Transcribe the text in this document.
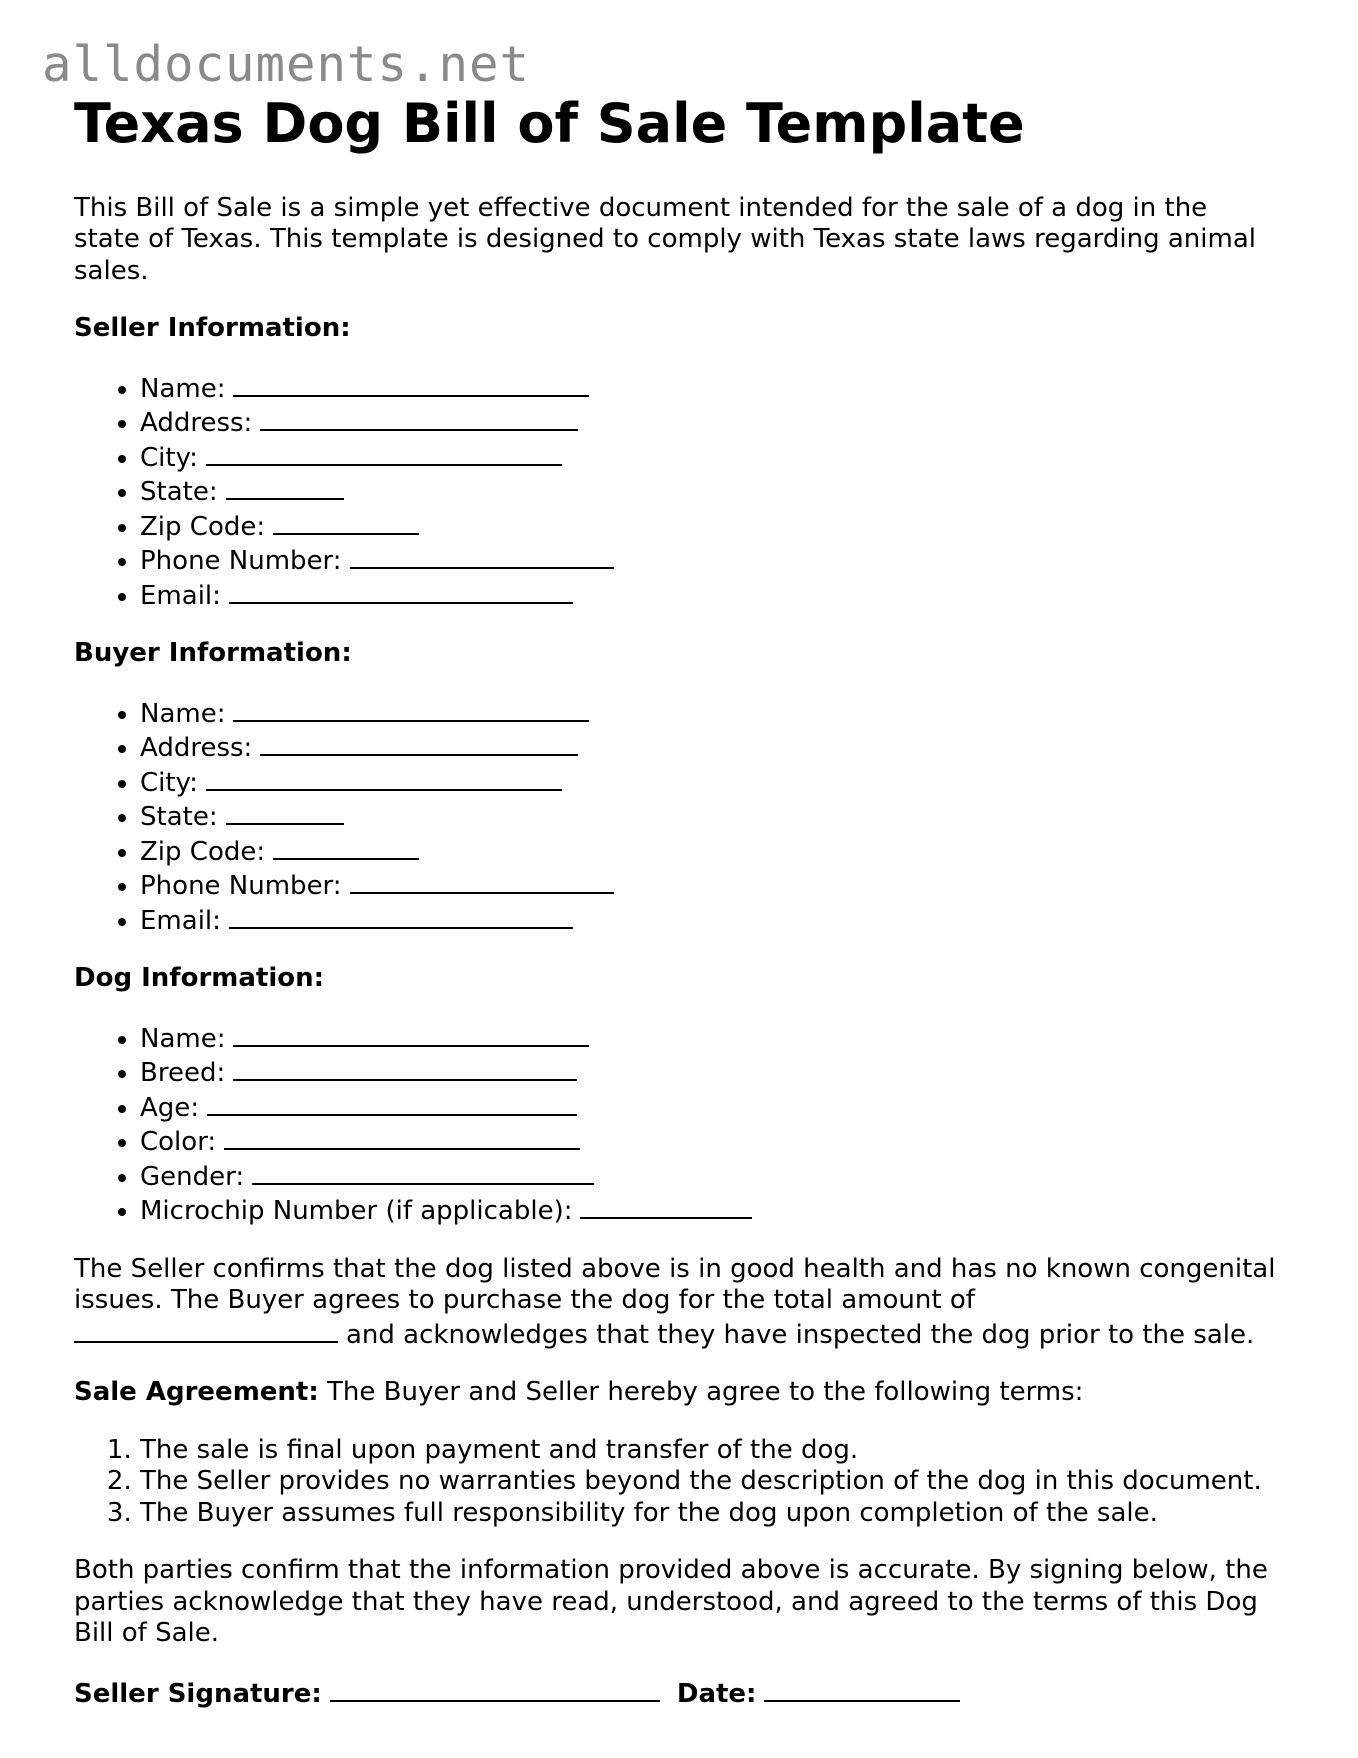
alldocuments.net
Texas Dog Bill of Sale Template

This Bill of Sale is a simple yet effective document intended for the sale of a dog in the state of Texas. This template is designed to comply with Texas state laws regarding animal sales.

Seller Information:

• Name:
• Address:
• City:
• State:
• Zip Code:
• Phone Number:
• Email:

Buyer Information:

• Name:
• Address:
• City:
• State:
• Zip Code:
• Phone Number:
• Email:

Dog Information:

• Name:
• Breed:
• Age:
• Color:
• Gender:
• Microchip Number (if applicable):

The Seller confirms that the dog listed above is in good health and has no known congenital issues. The Buyer agrees to purchase the dog for the total amount of
and acknowledges that they have inspected the dog prior to the sale.

Sale Agreement: The Buyer and Seller hereby agree to the following terms:

1. The sale is final upon payment and transfer of the dog.
2. The Seller provides no warranties beyond the description of the dog in this document.
3. The Buyer assumes full responsibility for the dog upon completion of the sale.

Both parties confirm that the information provided above is accurate. By signing below, the parties acknowledge that they have read, understood, and agreed to the terms of this Dog Bill of Sale.

Seller Signature:	Date:
